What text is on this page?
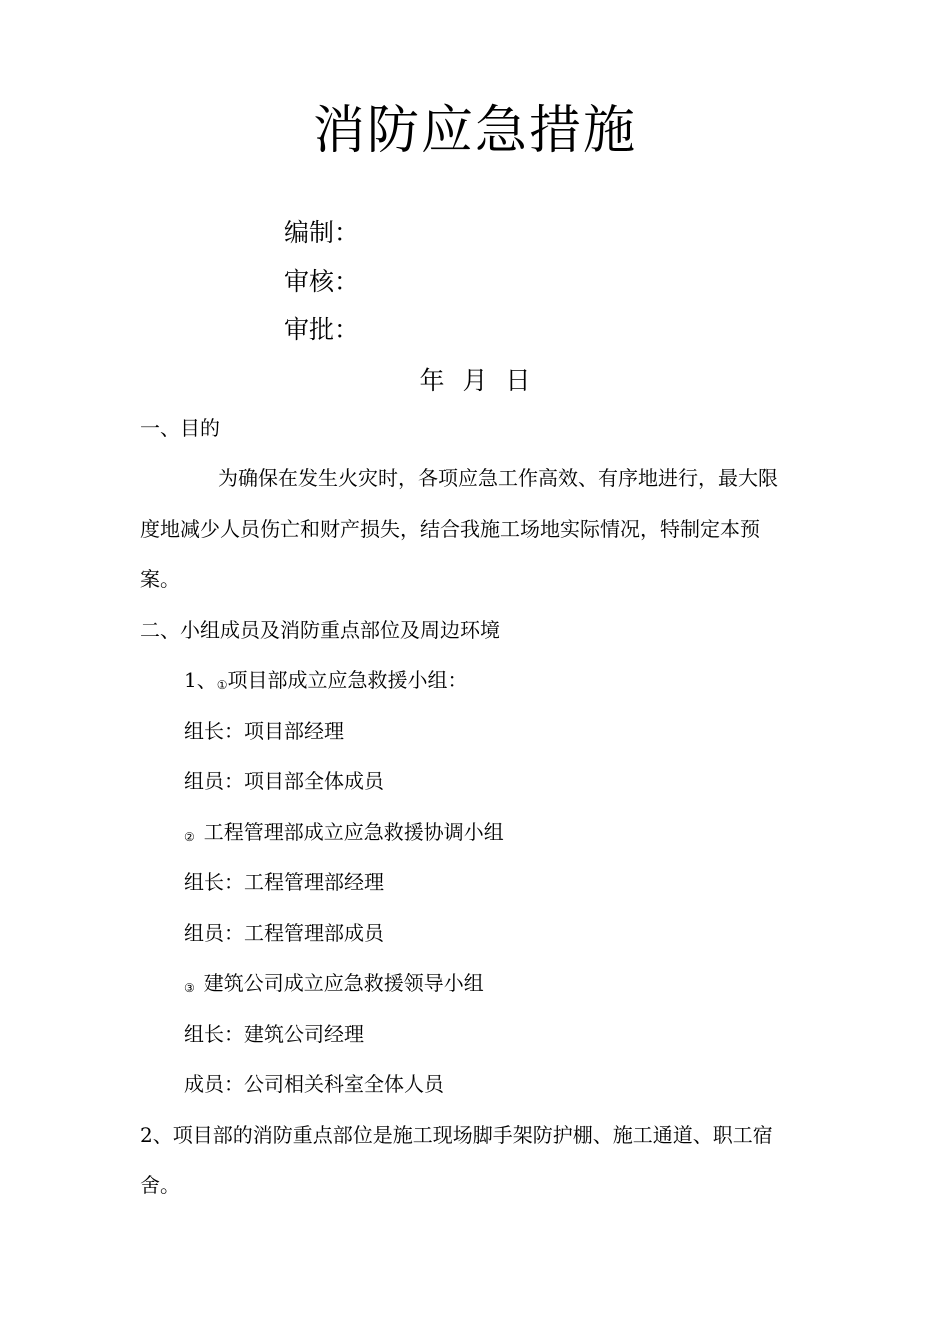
消防应急措施
编制：
审核：
审批：
年 月 日
一、目的
为确保在发生火灾时，各项应急工作高效、有序地进行，最大限
度地减少人员伤亡和财产损失，结合我施工场地实际情况，特制定本预
案。
二、小组成员及消防重点部位及周边环境
1、①项目部成立应急救援小组：
组长：项目部经理
组员：项目部全体成员
② 工程管理部成立应急救援协调小组
组长：工程管理部经理
组员：工程管理部成员
③ 建筑公司成立应急救援领导小组
组长：建筑公司经理
成员：公司相关科室全体人员
2、项目部的消防重点部位是施工现场脚手架防护棚、施工通道、职工宿
舍。
